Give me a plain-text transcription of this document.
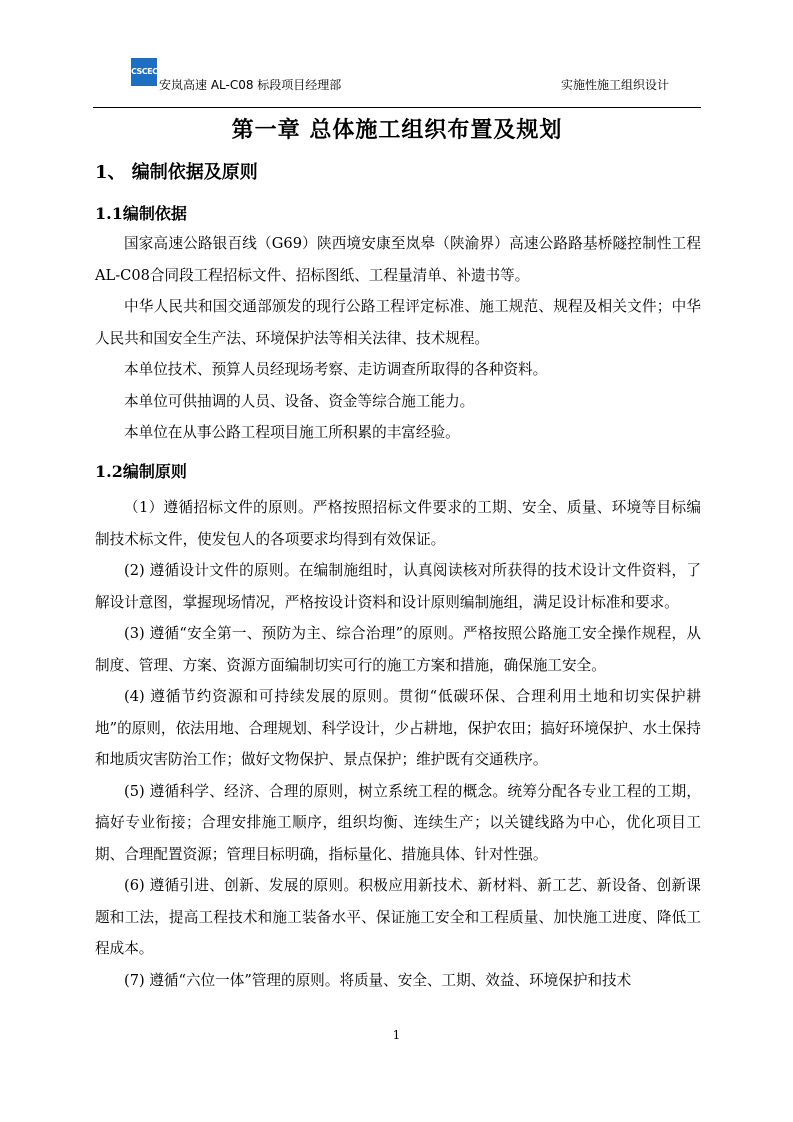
CSCEC
安岚高速 AL-C08 标段项目经理部	实施性施工组织设计
第一章 总体施工组织布置及规划
1、 编制依据及原则
1.1编制依据

国家高速公路银百线（G69）陕西境安康至岚皋（陕渝界）高速公路路基桥隧控制性工程AL-C08合同段工程招标文件、招标图纸、工程量清单、补遗书等。

中华人民共和国交通部颁发的现行公路工程评定标准、施工规范、规程及相关文件；中华人民共和国安全生产法、环境保护法等相关法律、技术规程。

本单位技术、预算人员经现场考察、走访调查所取得的各种资料。

本单位可供抽调的人员、设备、资金等综合施工能力。

本单位在从事公路工程项目施工所积累的丰富经验。

1.2编制原则

（1）遵循招标文件的原则。严格按照招标文件要求的工期、安全、质量、环境等目标编制技术标文件，使发包人的各项要求均得到有效保证。

(2) 遵循设计文件的原则。在编制施组时，认真阅读核对所获得的技术设计文件资料，了解设计意图，掌握现场情况，严格按设计资料和设计原则编制施组，满足设计标准和要求。

(3) 遵循“安全第一、预防为主、综合治理”的原则。严格按照公路施工安全操作规程，从制度、管理、方案、资源方面编制切实可行的施工方案和措施，确保施工安全。

(4) 遵循节约资源和可持续发展的原则。贯彻“低碳环保、合理利用土地和切实保护耕地”的原则，依法用地、合理规划、科学设计，少占耕地，保护农田；搞好环境保护、水土保持和地质灾害防治工作；做好文物保护、景点保护；维护既有交通秩序。

(5) 遵循科学、经济、合理的原则，树立系统工程的概念。统筹分配各专业工程的工期，搞好专业衔接；合理安排施工顺序，组织均衡、连续生产；以关键线路为中心，优化项目工期、合理配置资源；管理目标明确，指标量化、措施具体、针对性强。

(6) 遵循引进、创新、发展的原则。积极应用新技术、新材料、新工艺、新设备、创新课题和工法，提高工程技术和施工装备水平、保证施工安全和工程质量、加快施工进度、降低工程成本。

(7) 遵循“六位一体”管理的原则。将质量、安全、工期、效益、环境保护和技术

1
